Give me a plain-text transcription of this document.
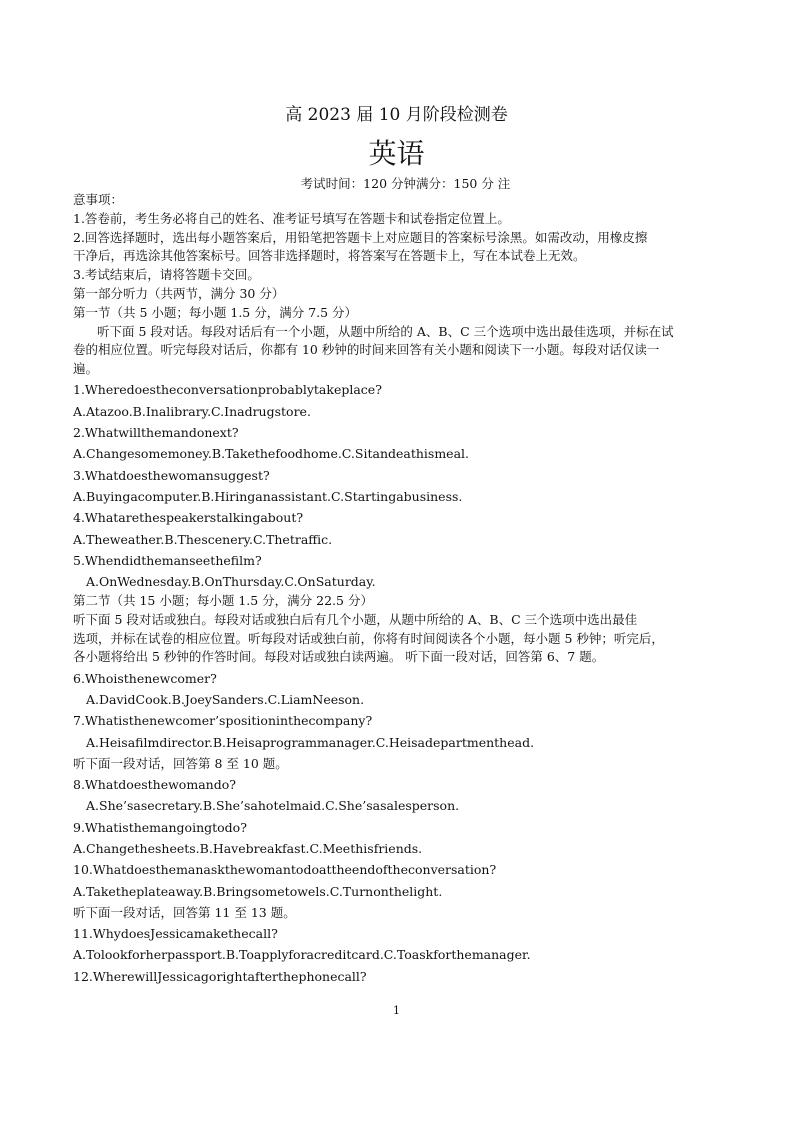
高 2023 届 10 月阶段检测卷
英语
考试时间：120 分钟满分：150 分 注
意事项：
1.答卷前，考生务必将自己的姓名、准考证号填写在答题卡和试卷指定位置上。
2.回答选择题时，选出每小题答案后，用铅笔把答题卡上对应题目的答案标号涂黑。如需改动，用橡皮擦
干净后，再选涂其他答案标号。回答非选择题时，将答案写在答题卡上，写在本试卷上无效。
3.考试结束后，请将答题卡交回。
第一部分听力（共两节，满分 30 分）
第一节（共 5 小题；每小题 1.5 分，满分 7.5 分）
听下面 5 段对话。每段对话后有一个小题，从题中所给的 A、B、C 三个选项中选出最佳选项，并标在试
卷的相应位置。听完每段对话后，你都有 10 秒钟的时间来回答有关小题和阅读下一小题。每段对话仅读一
遍。
1.Wheredoestheconversationprobablytakeplace?
A.Atazoo.B.Inalibrary.C.Inadrugstore.
2.Whatwillthemandonext?
A.Changesomemoney.B.Takethefoodhome.C.Sitandeathismeal.
3.Whatdoesthewomansuggest?
A.Buyingacomputer.B.Hiringanassistant.C.Startingabusiness.
4.Whatarethespeakerstalkingabout?
A.Theweather.B.Thescenery.C.Thetraffic.
5.Whendidthemanseethefilm?
A.OnWednesday.B.OnThursday.C.OnSaturday.
第二节（共 15 小题；每小题 1.5 分，满分 22.5 分）
听下面 5 段对话或独白。每段对话或独白后有几个小题，从题中所给的 A、B、C 三个选项中选出最佳
选项，并标在试卷的相应位置。听每段对话或独白前，你将有时间阅读各个小题，每小题 5 秒钟；听完后，
各小题将给出 5 秒钟的作答时间。每段对话或独白读两遍。 听下面一段对话，回答第 6、7 题。
6.Whoisthenewcomer?
A.DavidCook.B.JoeySanders.C.LiamNeeson.
7.Whatisthenewcomer’spositioninthecompany?
A.Heisafilmdirector.B.Heisaprogrammanager.C.Heisadepartmenthead.
听下面一段对话，回答第 8 至 10 题。
8.Whatdoesthewomando?
A.She’sasecretary.B.She’sahotelmaid.C.She’sasalesperson.
9.Whatisthemangoingtodo?
A.Changethesheets.B.Havebreakfast.C.Meethisfriends.
10.Whatdoesthemanaskthewomantodoattheendoftheconversation?
A.Taketheplateaway.B.Bringsometowels.C.Turnonthelight.
听下面一段对话，回答第 11 至 13 题。
11.WhydoesJessicamakethecall?
A.Tolookforherpassport.B.Toapplyforacreditcard.C.Toaskforthemanager.
12.WherewillJessicagorightafterthephonecall?
1
